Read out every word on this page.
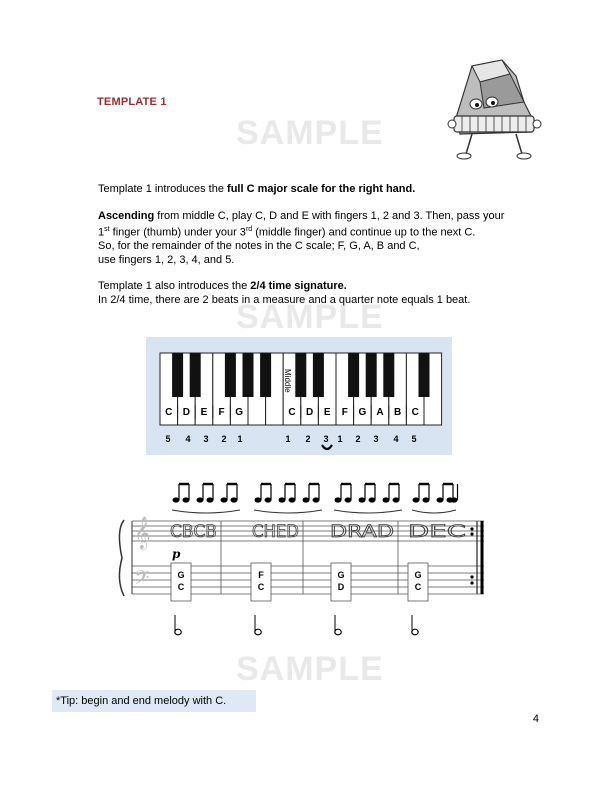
TEMPLATE 1
SAMPLE
SAMPLE
SAMPLE

Template 1 introduces the full C major scale for the right hand.

Ascending from middle C, play C, D and E with fingers 1, 2 and 3. Then, pass your
1st finger (thumb) under your 3rd (middle finger) and continue up to the next C.
So, for the remainder of the notes in the C scale; F, G, A, B and C,
use fingers 1, 2, 3, 4, and 5.

Template 1 also introduces the 2/4 time signature.
In 2/4 time, there are 2 beats in a measure and a quarter note equals 1 beat.

C D E F G	C D E F G A B C
Middle
5 4 3 2 1	1 2 3 1 2 3 4 5
𝄞
𝄢
p
CBCB
G
C
CHED
F
C
DRAD
G
D
DEC
G
C
*Tip: begin and end melody with C.
4
